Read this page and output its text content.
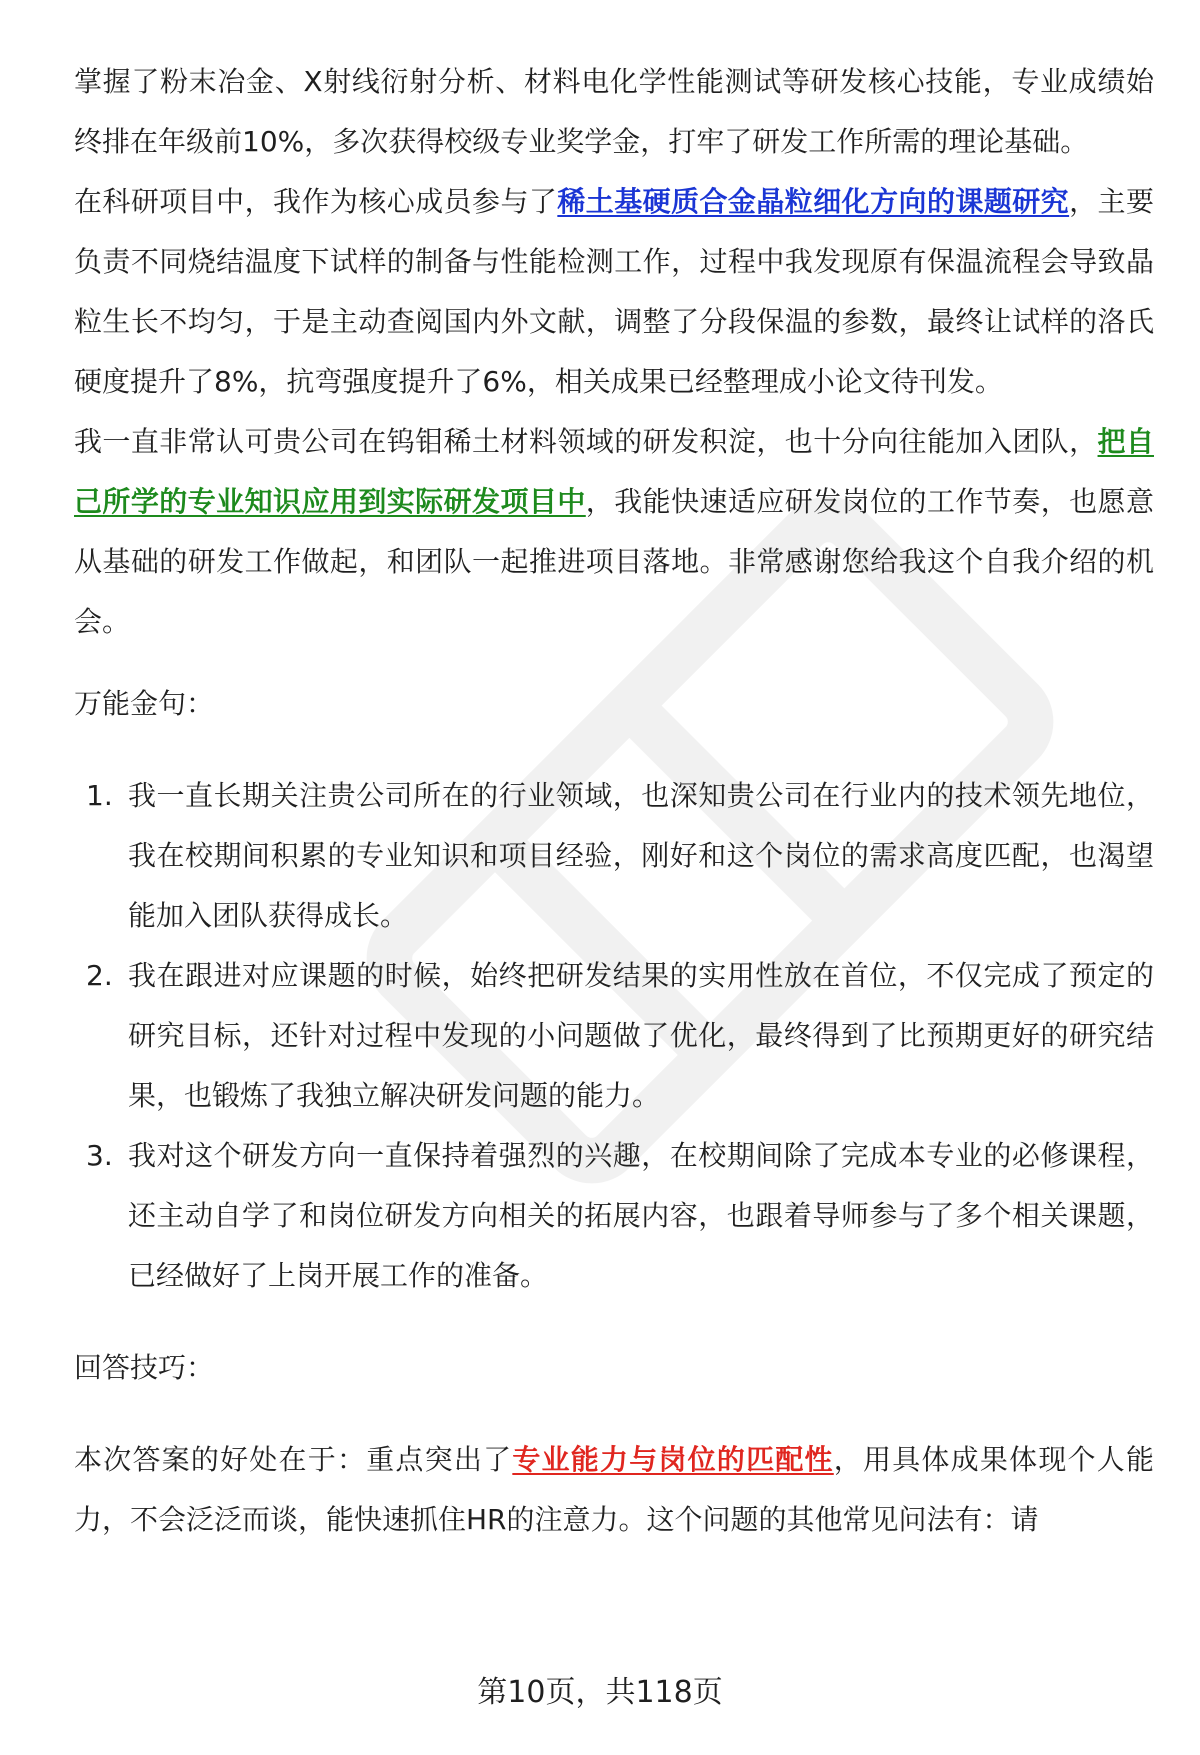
掌握了粉末冶金、X射线衍射分析、材料电化学性能测试等研发核心技能，专业成绩始终排在年级前10%，多次获得校级专业奖学金，打牢了研发工作所需的理论基础。

在科研项目中，我作为核心成员参与了稀土基硬质合金晶粒细化方向的课题研究，主要负责不同烧结温度下试样的制备与性能检测工作，过程中我发现原有保温流程会导致晶粒生长不均匀，于是主动查阅国内外文献，调整了分段保温的参数，最终让试样的洛氏硬度提升了8%，抗弯强度提升了6%，相关成果已经整理成小论文待刊发。

我一直非常认可贵公司在钨钼稀土材料领域的研发积淀，也十分向往能加入团队，把自己所学的专业知识应用到实际研发项目中，我能快速适应研发岗位的工作节奏，也愿意从基础的研发工作做起，和团队一起推进项目落地。非常感谢您给我这个自我介绍的机会。

万能金句：

1. 我一直长期关注贵公司所在的行业领域，也深知贵公司在行业内的技术领先地位，我在校期间积累的专业知识和项目经验，刚好和这个岗位的需求高度匹配，也渴望能加入团队获得成长。
2. 我在跟进对应课题的时候，始终把研发结果的实用性放在首位，不仅完成了预定的研究目标，还针对过程中发现的小问题做了优化，最终得到了比预期更好的研究结果，也锻炼了我独立解决研发问题的能力。
3. 我对这个研发方向一直保持着强烈的兴趣，在校期间除了完成本专业的必修课程，还主动自学了和岗位研发方向相关的拓展内容，也跟着导师参与了多个相关课题，已经做好了上岗开展工作的准备。

回答技巧：

本次答案的好处在于：重点突出了专业能力与岗位的匹配性，用具体成果体现个人能力，不会泛泛而谈，能快速抓住HR的注意力。这个问题的其他常见问法有：请

第10页，共118页
